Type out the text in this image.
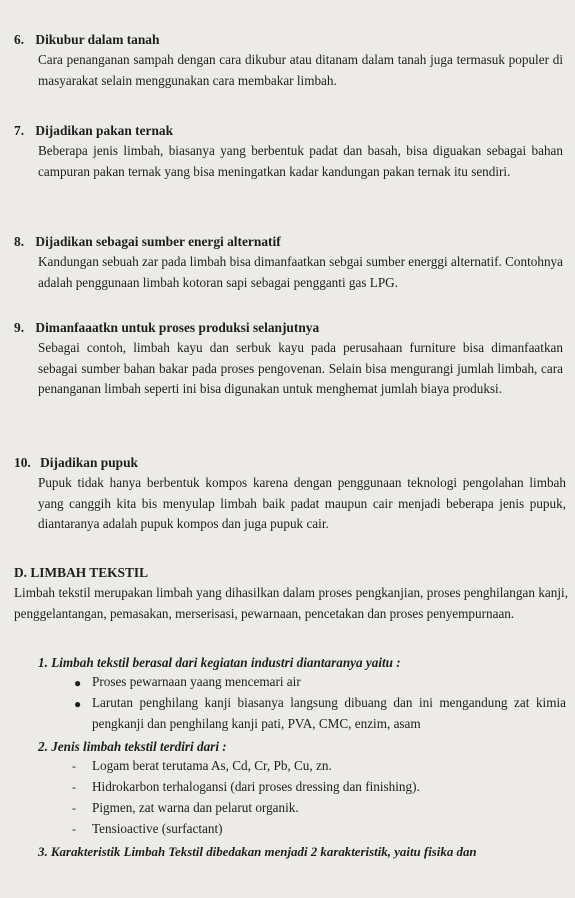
6. Dikubur dalam tanah
Cara penanganan sampah dengan cara dikubur atau ditanam dalam tanah juga termasuk populer di masyarakat selain menggunakan cara membakar limbah.
7. Dijadikan pakan ternak
Beberapa jenis limbah, biasanya yang berbentuk padat dan basah, bisa diguakan sebagai bahan campuran pakan ternak yang bisa meningatkan kadar kandungan pakan ternak itu sendiri.
8. Dijadikan sebagai sumber energi alternatif
Kandungan sebuah zar pada limbah bisa dimanfaatkan sebgai sumber energgi alternatif. Contohnya adalah penggunaan limbah kotoran sapi sebagai pengganti gas LPG.
9. Dimanfaaatkn untuk proses produksi selanjutnya
Sebagai contoh, limbah kayu dan serbuk kayu pada perusahaan furniture bisa dimanfaatkan sebagai sumber bahan bakar pada proses pengovenan. Selain bisa mengurangi jumlah limbah, cara penanganan limbah seperti ini bisa digunakan untuk menghemat jumlah biaya produksi.
10. Dijadikan pupuk
Pupuk tidak hanya berbentuk kompos karena dengan penggunaan teknologi pengolahan limbah yang canggih kita bis menyulap limbah baik padat maupun cair menjadi beberapa jenis pupuk, diantaranya adalah pupuk kompos dan juga pupuk cair.
D. LIMBAH TEKSTIL
Limbah tekstil merupakan limbah yang dihasilkan dalam proses pengkanjian, proses penghilangan kanji, penggelantangan, pemasakan, merserisasi, pewarnaan, pencetakan dan proses penyempurnaan.
1. Limbah tekstil berasal dari kegiatan industri diantaranya yaitu :
● Proses pewarnaan yaang mencemari air
● Larutan penghilang kanji biasanya langsung dibuang dan ini mengandung zat kimia pengkanji dan penghilang kanji pati, PVA, CMC, enzim, asam
2. Jenis limbah tekstil terdiri dari :
- Logam berat terutama As, Cd, Cr, Pb, Cu, zn.
- Hidrokarbon terhalogansi (dari proses dressing dan finishing).
- Pigmen, zat warna dan pelarut organik.
- Tensioactive (surfactant)
3. Karakteristik Limbah Tekstil dibedakan menjadi 2 karakteristik, yaitu fisika dan
